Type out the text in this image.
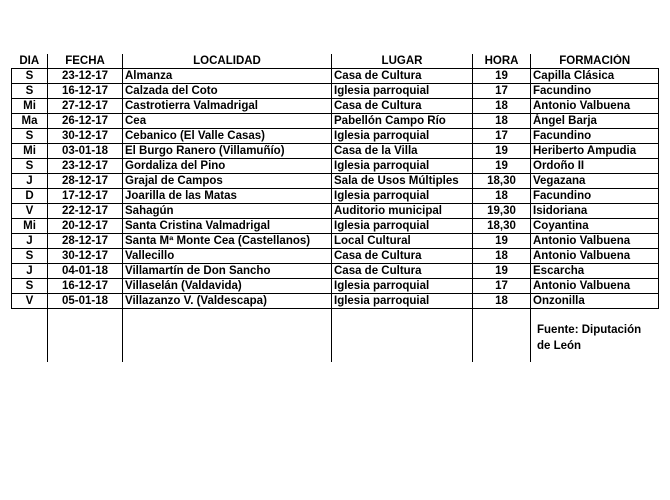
DIA	FECHA	LOCALIDAD	LUGAR	HORA	FORMACIÓN
S	23-12-17	Almanza	Casa de Cultura	19	Capilla Clásica
S	16-12-17	Calzada del Coto	Iglesia parroquial	17	Facundino
Mi	27-12-17	Castrotierra Valmadrigal	Casa de Cultura	18	Antonio Valbuena
Ma	26-12-17	Cea	Pabellón Campo Río	18	Ángel Barja
S	30-12-17	Cebanico (El Valle Casas)	Iglesia parroquial	17	Facundino
Mi	03-01-18	El Burgo Ranero (Villamuñío)	Casa de la Villa	19	Heriberto Ampudia
S	23-12-17	Gordaliza del Pino	Iglesia parroquial	19	Ordoño II
J	28-12-17	Grajal de Campos	Sala de Usos Múltiples	18,30	Vegazana
D	17-12-17	Joarilla de las Matas	Iglesia parroquial	18	Facundino
V	22-12-17	Sahagún	Auditorio municipal	19,30	Isidoriana
Mi	20-12-17	Santa Cristina Valmadrigal	Iglesia parroquial	18,30	Coyantina
J	28-12-17	Santa Mª Monte Cea (Castellanos)	Local Cultural	19	Antonio Valbuena
S	30-12-17	Vallecillo	Casa de Cultura	18	Antonio Valbuena
J	04-01-18	Villamartín de Don Sancho	Casa de Cultura	19	Escarcha
S	16-12-17	Villaselán (Valdavida)	Iglesia parroquial	17	Antonio Valbuena
V	05-01-18	Villazanzo V. (Valdescapa)	Iglesia parroquial	18	Onzonilla
					Fuente: Diputación de León
